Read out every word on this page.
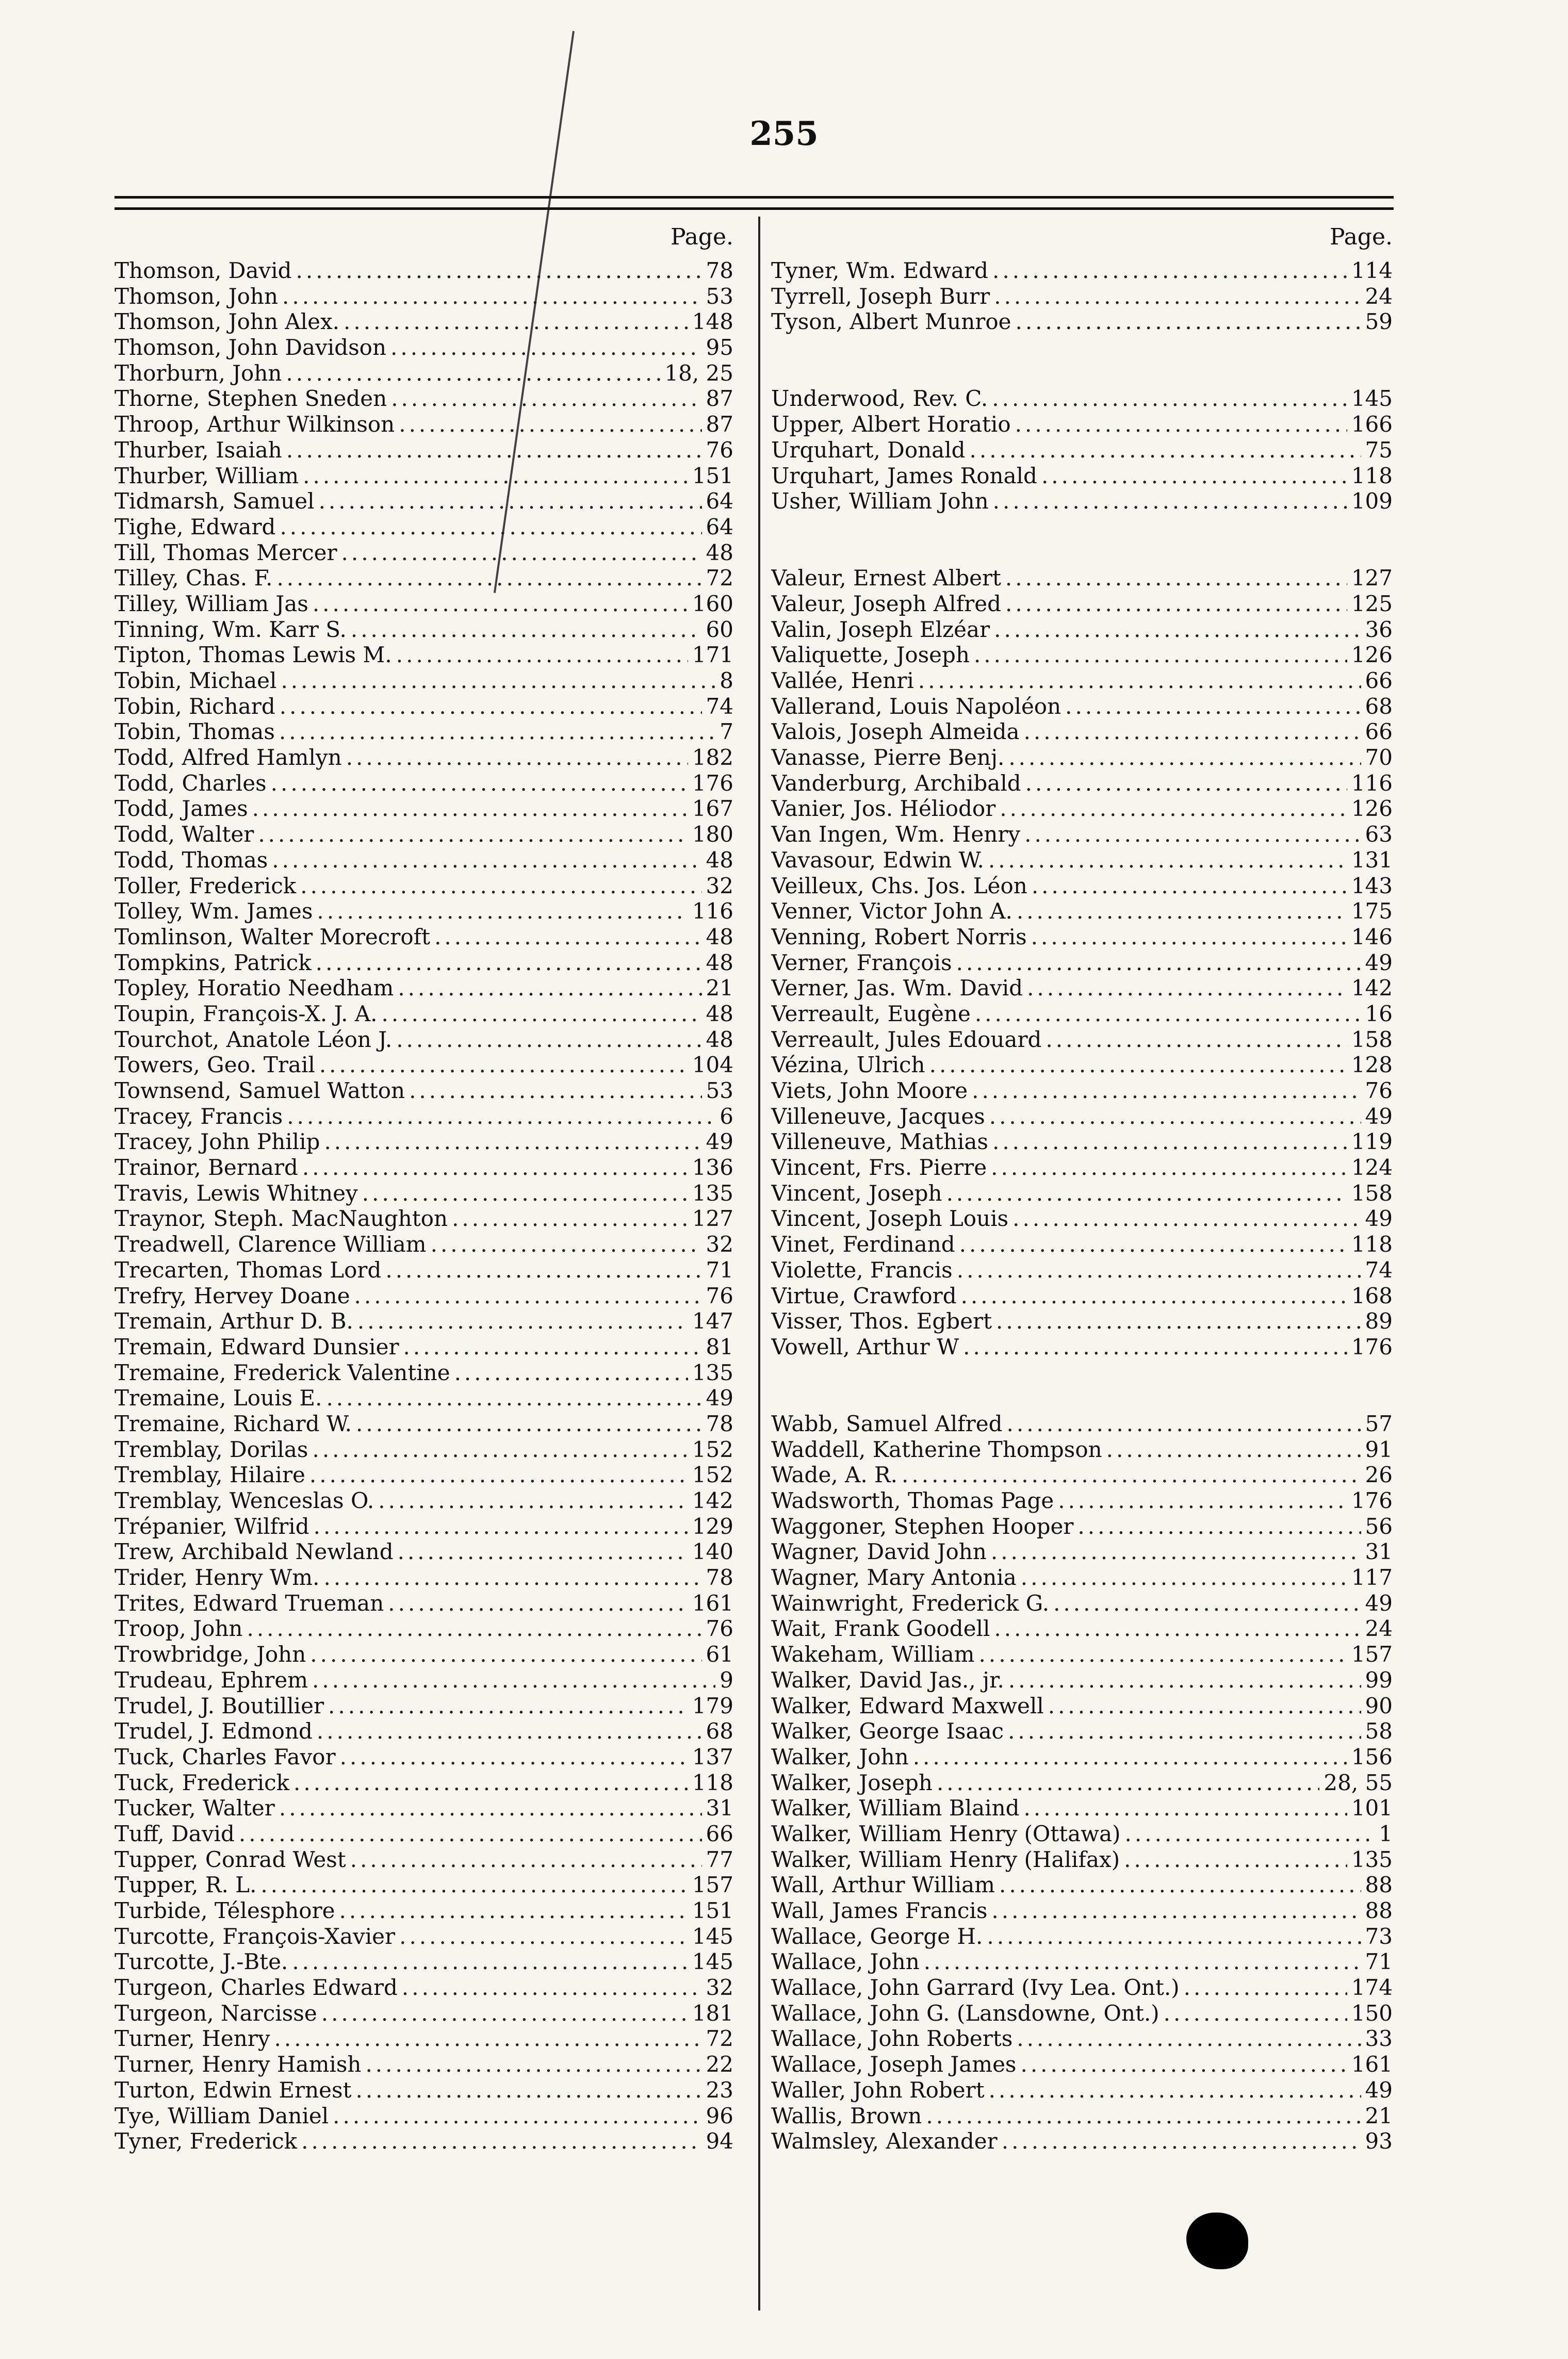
255
Page.
Thomson, David .....	78
Thomson, John .....	53
Thomson, John Alex. .....	148
Thomson, John Davidson .....	95
Thorburn, John .....	18, 25
Thorne, Stephen Sneden .....	87
Throop, Arthur Wilkinson .....	87
Thurber, Isaiah .....	76
Thurber, William .....	151
Tidmarsh, Samuel .....	64
Tighe, Edward .....	64
Till, Thomas Mercer .....	48
Tilley, Chas. F. .....	72
Tilley, William Jas .....	160
Tinning, Wm. Karr S. .....	60
Tipton, Thomas Lewis M. .....	171
Tobin, Michael .....	8
Tobin, Richard .....	74
Tobin, Thomas .....	7
Todd, Alfred Hamlyn .....	182
Todd, Charles .....	176
Todd, James .....	167
Todd, Walter .....	180
Todd, Thomas .....	48
Toller, Frederick .....	32
Tolley, Wm. James .....	116
Tomlinson, Walter Morecroft .....	48
Tompkins, Patrick .....	48
Topley, Horatio Needham .....	21
Toupin, François-X. J. A. .....	48
Tourchot, Anatole Léon J. .....	48
Towers, Geo. Trail .....	104
Townsend, Samuel Watton .....	53
Tracey, Francis .....	6
Tracey, John Philip .....	49
Trainor, Bernard .....	136
Travis, Lewis Whitney .....	135
Traynor, Steph. MacNaughton .....	127
Treadwell, Clarence William .....	32
Trecarten, Thomas Lord .....	71
Trefry, Hervey Doane .....	76
Tremain, Arthur D. B. .....	147
Tremain, Edward Dunsier .....	81
Tremaine, Frederick Valentine .....	135
Tremaine, Louis E. .....	49
Tremaine, Richard W. .....	78
Tremblay, Dorilas .....	152
Tremblay, Hilaire .....	152
Tremblay, Wenceslas O. .....	142
Trépanier, Wilfrid .....	129
Trew, Archibald Newland .....	140
Trider, Henry Wm. .....	78
Trites, Edward Trueman .....	161
Troop, John .....	76
Trowbridge, John .....	61
Trudeau, Ephrem .....	9
Trudel, J. Boutillier .....	179
Trudel, J. Edmond .....	68
Tuck, Charles Favor .....	137
Tuck, Frederick .....	118
Tucker, Walter .....	31
Tuff, David .....	66
Tupper, Conrad West .....	77
Tupper, R. L. .....	157
Turbide, Télesphore .....	151
Turcotte, François-Xavier .....	145
Turcotte, J.-Bte. .....	145
Turgeon, Charles Edward .....	32
Turgeon, Narcisse .....	181
Turner, Henry .....	72
Turner, Henry Hamish .....	22
Turton, Edwin Ernest .....	23
Tye, William Daniel .....	96
Tyner, Frederick .....	94
Page.
Tyner, Wm. Edward .....	114
Tyrrell, Joseph Burr .....	24
Tyson, Albert Munroe .....	59
Underwood, Rev. C. .....	145
Upper, Albert Horatio .....	166
Urquhart, Donald .....	75
Urquhart, James Ronald .....	118
Usher, William John .....	109
Valeur, Ernest Albert .....	127
Valeur, Joseph Alfred .....	125
Valin, Joseph Elzéar .....	36
Valiquette, Joseph .....	126
Vallée, Henri .....	66
Vallerand, Louis Napoléon .....	68
Valois, Joseph Almeida .....	66
Vanasse, Pierre Benj. .....	70
Vanderburg, Archibald .....	116
Vanier, Jos. Héliodor .....	126
Van Ingen, Wm. Henry .....	63
Vavasour, Edwin W. .....	131
Veilleux, Chs. Jos. Léon .....	143
Venner, Victor John A. .....	175
Venning, Robert Norris .....	146
Verner, François .....	49
Verner, Jas. Wm. David .....	142
Verreault, Eugène .....	16
Verreault, Jules Edouard .....	158
Vézina, Ulrich .....	128
Viets, John Moore .....	76
Villeneuve, Jacques .....	49
Villeneuve, Mathias .....	119
Vincent, Frs. Pierre .....	124
Vincent, Joseph .....	158
Vincent, Joseph Louis .....	49
Vinet, Ferdinand .....	118
Violette, Francis .....	74
Virtue, Crawford .....	168
Visser, Thos. Egbert .....	89
Vowell, Arthur W .....	176
Wabb, Samuel Alfred .....	57
Waddell, Katherine Thompson .....	91
Wade, A. R. .....	26
Wadsworth, Thomas Page .....	176
Waggoner, Stephen Hooper .....	56
Wagner, David John .....	31
Wagner, Mary Antonia .....	117
Wainwright, Frederick G. .....	49
Wait, Frank Goodell .....	24
Wakeham, William .....	157
Walker, David Jas., jr. .....	99
Walker, Edward Maxwell .....	90
Walker, George Isaac .....	58
Walker, John .....	156
Walker, Joseph .....	28, 55
Walker, William Blaind .....	101
Walker, William Henry (Ottawa) .....	1
Walker, William Henry (Halifax) .....	135
Wall, Arthur William .....	88
Wall, James Francis .....	88
Wallace, George H. .....	73
Wallace, John .....	71
Wallace, John Garrard (Ivy Lea. Ont.) .....	174
Wallace, John G. (Lansdowne, Ont.) .....	150
Wallace, John Roberts .....	33
Wallace, Joseph James .....	161
Waller, John Robert .....	49
Wallis, Brown .....	21
Walmsley, Alexander .....	93
